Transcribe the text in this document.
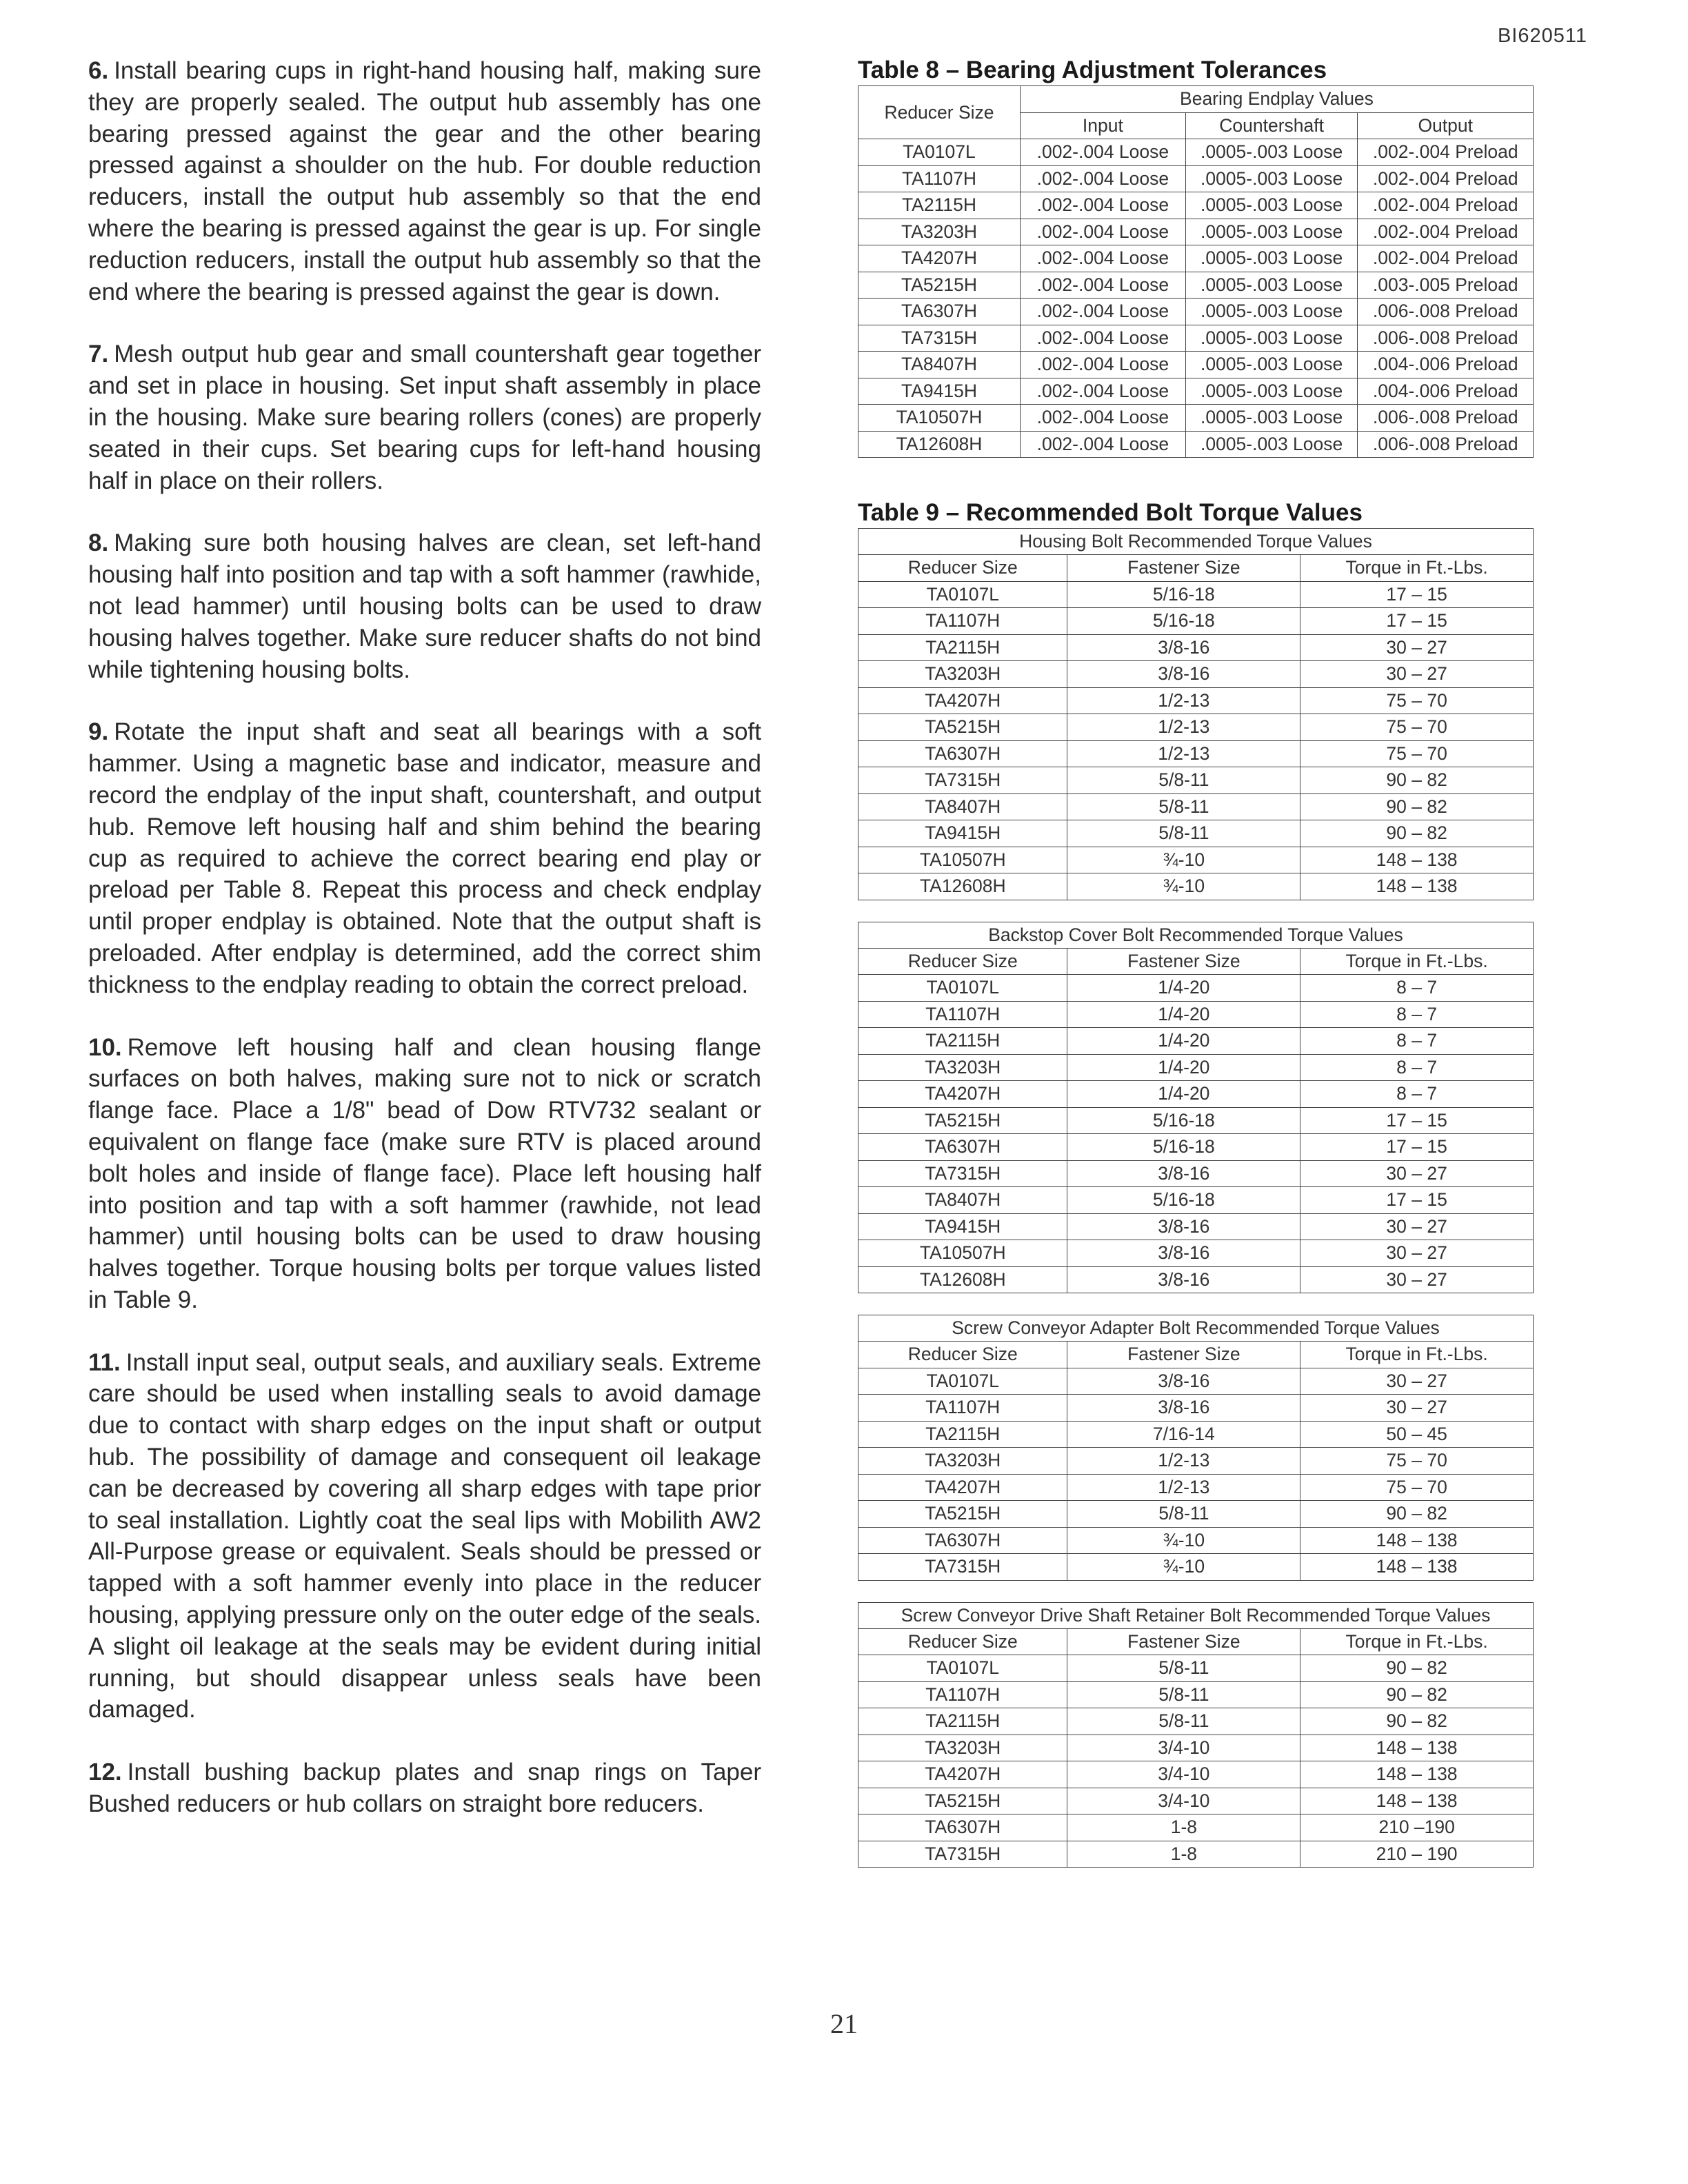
BI620511

6. Install bearing cups in right-hand housing half, making sure they are properly sealed. The output hub assembly has one bearing pressed against the gear and the other bearing pressed against a shoulder on the hub. For double reduction reducers, install the output hub assembly so that the end where the bearing is pressed against the gear is up. For single reduction reducers, install the output hub assembly so that the end where the bearing is pressed against the gear is down.

7. Mesh output hub gear and small countershaft gear together and set in place in housing. Set input shaft assembly in place in the housing. Make sure bearing rollers (cones) are properly seated in their cups. Set bearing cups for left-hand housing half in place on their rollers.

8. Making sure both housing halves are clean, set left-hand housing half into position and tap with a soft hammer (rawhide, not lead hammer) until housing bolts can be used to draw housing halves together. Make sure reducer shafts do not bind while tightening housing bolts.

9. Rotate the input shaft and seat all bearings with a soft hammer. Using a magnetic base and indicator, measure and record the endplay of the input shaft, countershaft, and output hub. Remove left housing half and shim behind the bearing cup as required to achieve the correct bearing end play or preload per Table 8. Repeat this process and check endplay until proper endplay is obtained. Note that the output shaft is preloaded. After endplay is determined, add the correct shim thickness to the endplay reading to obtain the correct preload.

10. Remove left housing half and clean housing flange surfaces on both halves, making sure not to nick or scratch flange face. Place a 1/8" bead of Dow RTV732 sealant or equivalent on flange face (make sure RTV is placed around bolt holes and inside of flange face). Place left housing half into position and tap with a soft hammer (rawhide, not lead hammer) until housing bolts can be used to draw housing halves together. Torque housing bolts per torque values listed in Table 9.

11. Install input seal, output seals, and auxiliary seals. Extreme care should be used when installing seals to avoid damage due to contact with sharp edges on the input shaft or output hub. The possibility of damage and consequent oil leakage can be decreased by covering all sharp edges with tape prior to seal installation. Lightly coat the seal lips with Mobilith AW2 All-Purpose grease or equivalent. Seals should be pressed or tapped with a soft hammer evenly into place in the reducer housing, applying pressure only on the outer edge of the seals. A slight oil leakage at the seals may be evident during initial running, but should disappear unless seals have been damaged.

12. Install bushing backup plates and snap rings on Taper Bushed reducers or hub collars on straight bore reducers.

Table 8 – Bearing Adjustment Tolerances
Reducer Size	Bearing Endplay Values		
	Input	Countershaft	Output
TA0107L	.002-.004 Loose	.0005-.003 Loose	.002-.004 Preload
TA1107H	.002-.004 Loose	.0005-.003 Loose	.002-.004 Preload
TA2115H	.002-.004 Loose	.0005-.003 Loose	.002-.004 Preload
TA3203H	.002-.004 Loose	.0005-.003 Loose	.002-.004 Preload
TA4207H	.002-.004 Loose	.0005-.003 Loose	.002-.004 Preload
TA5215H	.002-.004 Loose	.0005-.003 Loose	.003-.005 Preload
TA6307H	.002-.004 Loose	.0005-.003 Loose	.006-.008 Preload
TA7315H	.002-.004 Loose	.0005-.003 Loose	.006-.008 Preload
TA8407H	.002-.004 Loose	.0005-.003 Loose	.004-.006 Preload
TA9415H	.002-.004 Loose	.0005-.003 Loose	.004-.006 Preload
TA10507H	.002-.004 Loose	.0005-.003 Loose	.006-.008 Preload
TA12608H	.002-.004 Loose	.0005-.003 Loose	.006-.008 Preload
Table 9 – Recommended Bolt Torque Values
Housing Bolt Recommended Torque Values		
Reducer Size	Fastener Size	Torque in Ft.-Lbs.
TA0107L	5/16-18	17 – 15
TA1107H	5/16-18	17 – 15
TA2115H	3/8-16	30 – 27
TA3203H	3/8-16	30 – 27
TA4207H	1/2-13	75 – 70
TA5215H	1/2-13	75 – 70
TA6307H	1/2-13	75 – 70
TA7315H	5/8-11	90 – 82
TA8407H	5/8-11	90 – 82
TA9415H	5/8-11	90 – 82
TA10507H	¾-10	148 – 138
TA12608H	¾-10	148 – 138
Backstop Cover Bolt Recommended Torque Values		
Reducer Size	Fastener Size	Torque in Ft.-Lbs.
TA0107L	1/4-20	8 – 7
TA1107H	1/4-20	8 – 7
TA2115H	1/4-20	8 – 7
TA3203H	1/4-20	8 – 7
TA4207H	1/4-20	8 – 7
TA5215H	5/16-18	17 – 15
TA6307H	5/16-18	17 – 15
TA7315H	3/8-16	30 – 27
TA8407H	5/16-18	17 – 15
TA9415H	3/8-16	30 – 27
TA10507H	3/8-16	30 – 27
TA12608H	3/8-16	30 – 27
Screw Conveyor Adapter Bolt Recommended Torque Values		
Reducer Size	Fastener Size	Torque in Ft.-Lbs.
TA0107L	3/8-16	30 – 27
TA1107H	3/8-16	30 – 27
TA2115H	7/16-14	50 – 45
TA3203H	1/2-13	75 – 70
TA4207H	1/2-13	75 – 70
TA5215H	5/8-11	90 – 82
TA6307H	¾-10	148 – 138
TA7315H	¾-10	148 – 138
Screw Conveyor Drive Shaft Retainer Bolt Recommended Torque Values		
Reducer Size	Fastener Size	Torque in Ft.-Lbs.
TA0107L	5/8-11	90 – 82
TA1107H	5/8-11	90 – 82
TA2115H	5/8-11	90 – 82
TA3203H	3/4-10	148 – 138
TA4207H	3/4-10	148 – 138
TA5215H	3/4-10	148 – 138
TA6307H	1-8	210 –190
TA7315H	1-8	210 – 190
21
